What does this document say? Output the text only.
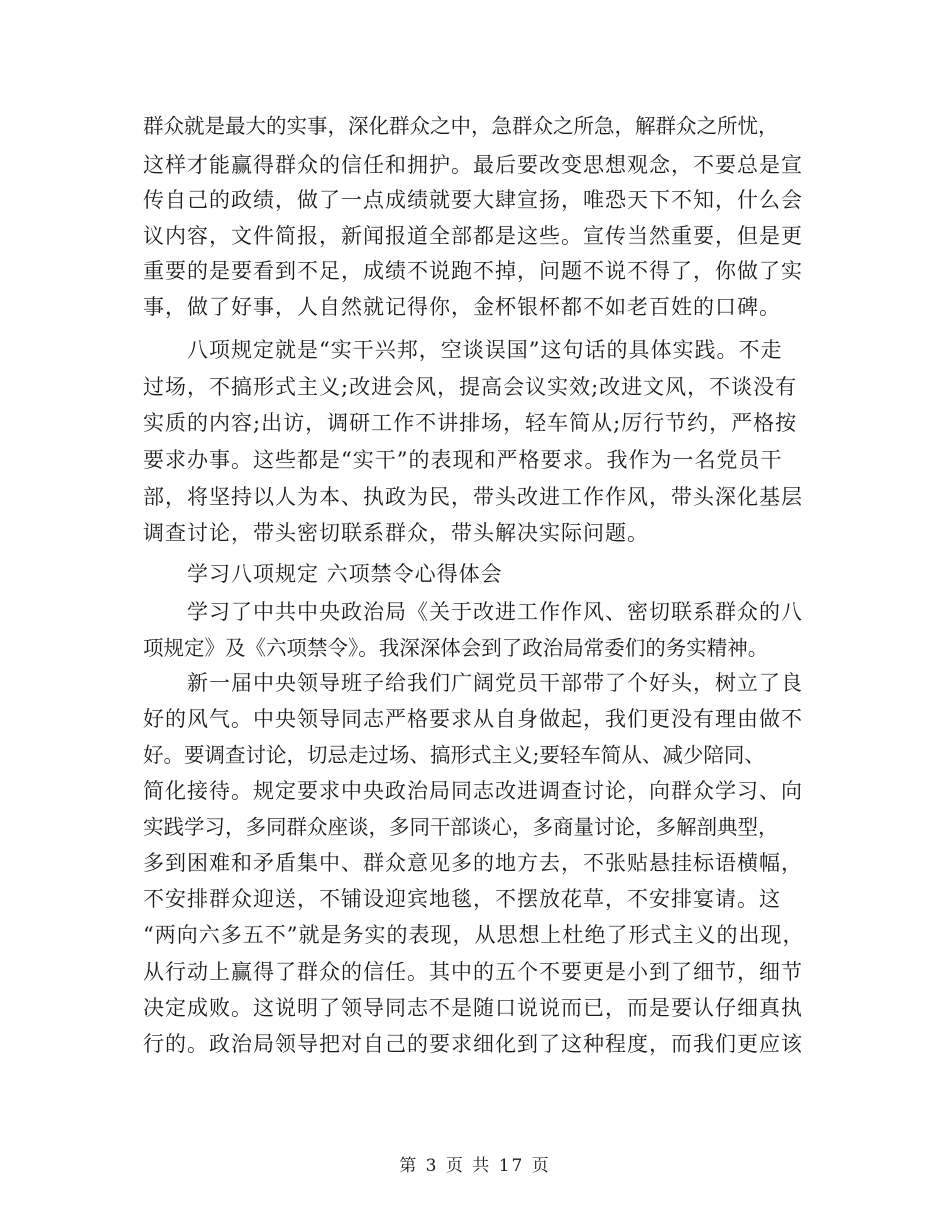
群众就是最大的实事，深化群众之中，急群众之所急，解群众之所忧，
这样才能赢得群众的信任和拥护。最后要改变思想观念，不要总是宣
传自己的政绩，做了一点成绩就要大肆宣扬，唯恐天下不知，什么会
议内容，文件简报，新闻报道全部都是这些。宣传当然重要，但是更
重要的是要看到不足，成绩不说跑不掉，问题不说不得了，你做了实
事，做了好事，人自然就记得你，金杯银杯都不如老百姓的口碑。
　　八项规定就是“实干兴邦，空谈误国”这句话的具体实践。不走
过场，不搞形式主义;改进会风，提高会议实效;改进文风，不谈没有
实质的内容;出访，调研工作不讲排场，轻车简从;厉行节约，严格按
要求办事。这些都是“实干”的表现和严格要求。我作为一名党员干
部，将坚持以人为本、执政为民，带头改进工作作风，带头深化基层
调查讨论，带头密切联系群众，带头解决实际问题。
　　学习八项规定 六项禁令心得体会
　　学习了中共中央政治局《关于改进工作作风、密切联系群众的八
项规定》及《六项禁令》。我深深体会到了政治局常委们的务实精神。
　　新一届中央领导班子给我们广阔党员干部带了个好头，树立了良
好的风气。中央领导同志严格要求从自身做起，我们更没有理由做不
好。要调查讨论，切忌走过场、搞形式主义;要轻车简从、减少陪同、
简化接待。规定要求中央政治局同志改进调查讨论，向群众学习、向
实践学习，多同群众座谈，多同干部谈心，多商量讨论，多解剖典型，
多到困难和矛盾集中、群众意见多的地方去，不张贴悬挂标语横幅，
不安排群众迎送，不铺设迎宾地毯，不摆放花草，不安排宴请。这
“两向六多五不”就是务实的表现，从思想上杜绝了形式主义的出现，
从行动上赢得了群众的信任。其中的五个不要更是小到了细节，细节
决定成败。这说明了领导同志不是随口说说而已，而是要认仔细真执
行的。政治局领导把对自己的要求细化到了这种程度，而我们更应该
第 3 页 共 17 页
